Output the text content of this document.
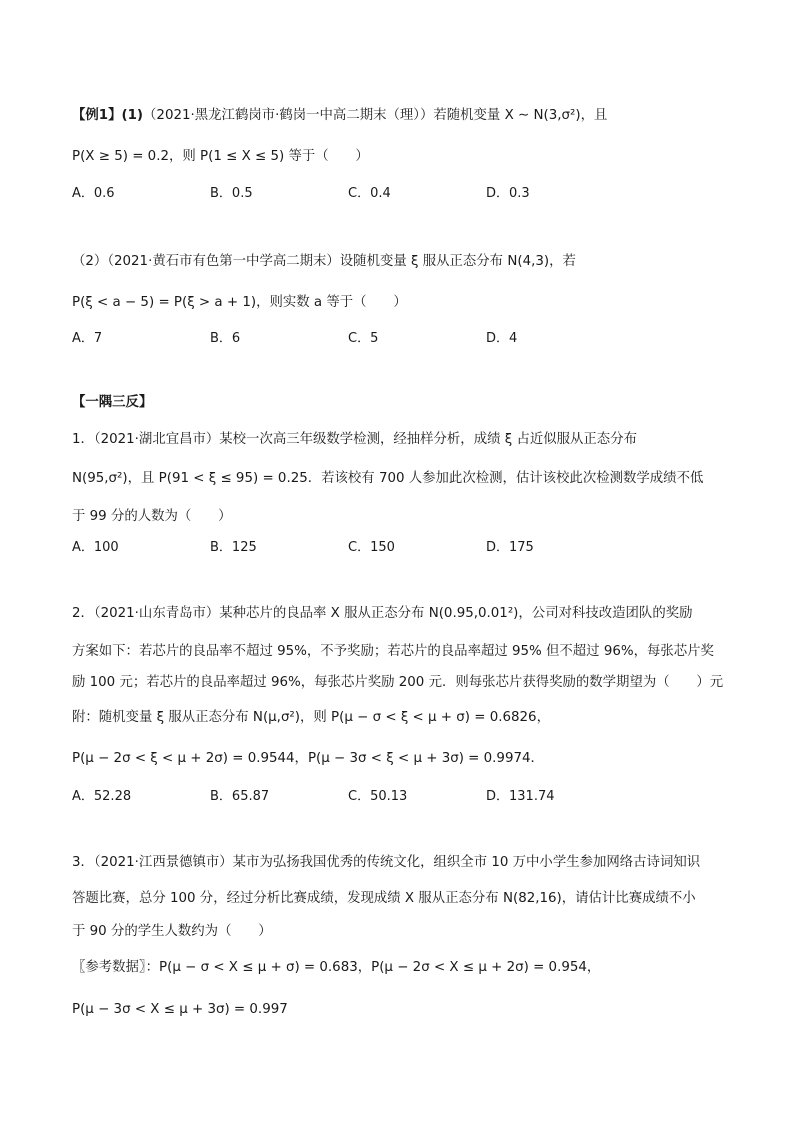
【例1】(1)（2021·黑龙江鹤岗市·鹤岗一中高二期末（理））若随机变量 X ∼ N(3,σ²)，且
P(X ≥ 5) = 0.2，则 P(1 ≤ X ≤ 5) 等于（　　）
A．0.6	B．0.5	C．0.4	D．0.3
（2）（2021·黄石市有色第一中学高二期末）设随机变量 ξ 服从正态分布 N(4,3)，若
P(ξ < a − 5) = P(ξ > a + 1)，则实数 a 等于（　　）
A．7	B．6	C．5	D．4
【一隅三反】
1．（2021·湖北宜昌市）某校一次高三年级数学检测，经抽样分析，成绩 ξ 占近似服从正态分布
N(95,σ²)，且 P(91 < ξ ≤ 95) = 0.25．若该校有 700 人参加此次检测，估计该校此次检测数学成绩不低
于 99 分的人数为（　　）
A．100	B．125	C．150	D．175
2．（2021·山东青岛市）某种芯片的良品率 X 服从正态分布 N(0.95,0.01²)，公司对科技改造团队的奖励
方案如下：若芯片的良品率不超过 95%，不予奖励；若芯片的良品率超过 95% 但不超过 96%，每张芯片奖
励 100 元；若芯片的良品率超过 96%，每张芯片奖励 200 元．则每张芯片获得奖励的数学期望为（　　）元
附：随机变量 ξ 服从正态分布 N(μ,σ²)，则 P(μ − σ < ξ < μ + σ) = 0.6826，
P(μ − 2σ < ξ < μ + 2σ) = 0.9544，P(μ − 3σ < ξ < μ + 3σ) = 0.9974．
A．52.28	B．65.87	C．50.13	D．131.74
3．（2021·江西景德镇市）某市为弘扬我国优秀的传统文化，组织全市 10 万中小学生参加网络古诗词知识
答题比赛，总分 100 分，经过分析比赛成绩，发现成绩 X 服从正态分布 N(82,16)，请估计比赛成绩不小
于 90 分的学生人数约为（　　）
〖参考数据〗：P(μ − σ < X ≤ μ + σ) = 0.683，P(μ − 2σ < X ≤ μ + 2σ) = 0.954，
P(μ − 3σ < X ≤ μ + 3σ) = 0.997
